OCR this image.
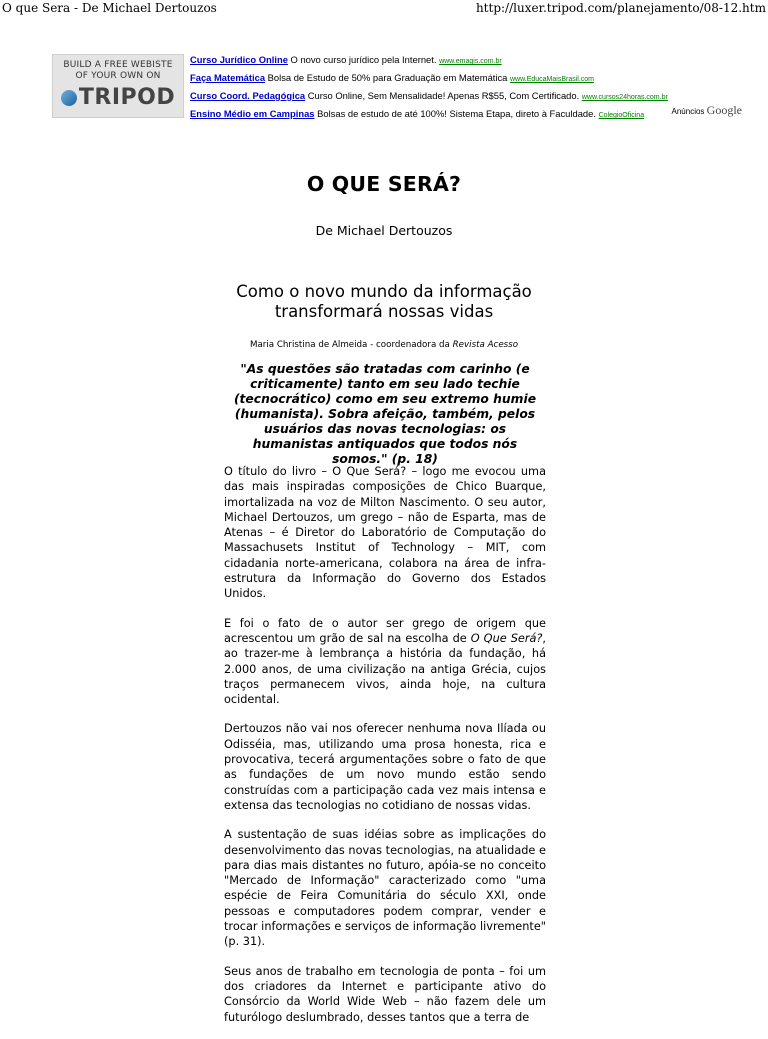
O que Sera - De Michael Dertouzos	http://luxer.tripod.com/planejamento/08-12.htm
BUILD A FREE WEBISTE
OF YOUR OWN ON
TRIPOD
Curso Jurídico Online O novo curso jurídico pela Internet. www.emagis.com.br
Faça Matemática Bolsa de Estudo de 50% para Graduação em Matemática www.EducaMaisBrasil.com
Curso Coord. Pedagógica Curso Online, Sem Mensalidade! Apenas R$55, Com Certificado. www.cursos24horas.com.br
Ensino Médio em Campinas Bolsas de estudo de até 100%! Sistema Etapa, direto à Faculdade. ColegioOficina	Anúncios Google
O QUE SERÁ?
De Michael Dertouzos
Como o novo mundo da informação transformará nossas vidas
Maria Christina de Almeida - coordenadora da Revista Acesso
"As questões são tratadas com carinho (e criticamente) tanto em seu lado techie (tecnocrático) como em seu extremo humie (humanista). Sobra afeição, também, pelos usuários das novas tecnologias: os humanistas antiquados que todos nós somos." (p. 18)

O título do livro – O Que Será? – logo me evocou uma das mais inspiradas composições de Chico Buarque, imortalizada na voz de Milton Nascimento. O seu autor, Michael Dertouzos, um grego – não de Esparta, mas de Atenas – é Diretor do Laboratório de Computação do Massachusets Institut of Technology – MIT, com cidadania norte-americana, colabora na área de infra-estrutura da Informação do Governo dos Estados Unidos.

E foi o fato de o autor ser grego de origem que acrescentou um grão de sal na escolha de O Que Será?, ao trazer-me à lembrança a história da fundação, há 2.000 anos, de uma civilização na antiga Grécia, cujos traços permanecem vivos, ainda hoje, na cultura ocidental.

Dertouzos não vai nos oferecer nenhuma nova Ilíada ou Odisséia, mas, utilizando uma prosa honesta, rica e provocativa, tecerá argumentações sobre o fato de que as fundações de um novo mundo estão sendo construídas com a participação cada vez mais intensa e extensa das tecnologias no cotidiano de nossas vidas.

A sustentação de suas idéias sobre as implicações do desenvolvimento das novas tecnologias, na atualidade e para dias mais distantes no futuro, apóia-se no conceito "Mercado de Informação" caracterizado como "uma espécie de Feira Comunitária do século XXI, onde pessoas e computadores podem comprar, vender e trocar informações e serviços de informação livremente" (p. 31).

Seus anos de trabalho em tecnologia de ponta – foi um dos criadores da Internet e participante ativo do Consórcio da World Wide Web – não fazem dele um futurólogo deslumbrado, desses tantos que a terra de
